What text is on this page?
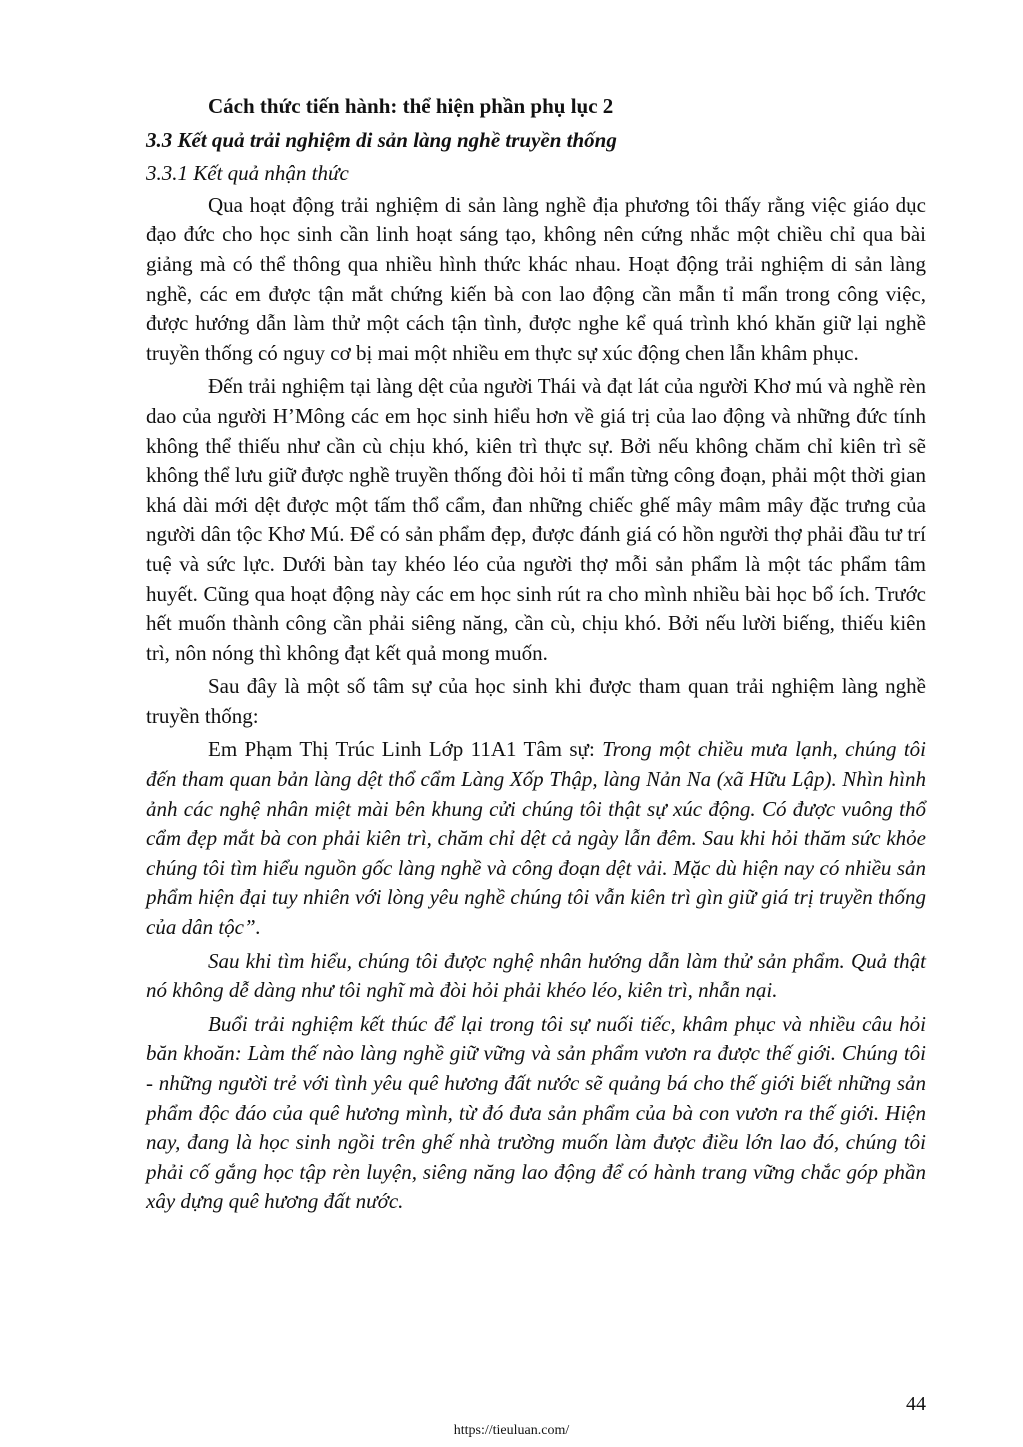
Cách thức tiến hành: thể hiện phần phụ lục 2

3.3 Kết quả trải nghiệm di sản làng nghề truyền thống

3.3.1 Kết quả nhận thức

Qua hoạt động trải nghiệm di sản làng nghề địa phương tôi thấy rằng việc giáo dục đạo đức cho học sinh cần linh hoạt sáng tạo, không nên cứng nhắc một chiều chỉ qua bài giảng mà có thể thông qua nhiều hình thức khác nhau. Hoạt động trải nghiệm di sản làng nghề, các em được tận mắt chứng kiến bà con lao động cần mẫn tỉ mẩn trong công việc, được hướng dẫn làm thử một cách tận tình, được nghe kể quá trình khó khăn giữ lại nghề truyền thống có nguy cơ bị mai một nhiều em thực sự xúc động chen lẫn khâm phục.

Đến trải nghiệm tại làng dệt của người Thái và đạt lát của người Khơ mú và nghề rèn dao của người H’Mông các em học sinh hiểu hơn về giá trị của lao động và những đức tính không thể thiếu như cần cù chịu khó, kiên trì thực sự. Bởi nếu không chăm chỉ kiên trì sẽ không thể lưu giữ được nghề truyền thống đòi hỏi tỉ mẩn từng công đoạn, phải một thời gian khá dài mới dệt được một tấm thổ cẩm, đan những chiếc ghế mây mâm mây đặc trưng của người dân tộc Khơ Mú. Để có sản phẩm đẹp, được đánh giá có hồn người thợ phải đầu tư trí tuệ và sức lực. Dưới bàn tay khéo léo của người thợ mỗi sản phẩm là một tác phẩm tâm huyết. Cũng qua hoạt động này các em học sinh rút ra cho mình nhiều bài học bổ ích. Trước hết muốn thành công cần phải siêng năng, cần cù, chịu khó. Bởi nếu lười biếng, thiếu kiên trì, nôn nóng thì không đạt kết quả mong muốn.

Sau đây là một số tâm sự của học sinh khi được tham quan trải nghiệm làng nghề truyền thống:

Em Phạm Thị Trúc Linh Lớp 11A1 Tâm sự: Trong một chiều mưa lạnh, chúng tôi đến tham quan bản làng dệt thổ cẩm Làng Xốp Thập, làng Nản Na (xã Hữu Lập). Nhìn hình ảnh các nghệ nhân miệt mài bên khung cửi chúng tôi thật sự xúc động. Có được vuông thổ cẩm đẹp mắt bà con phải kiên trì, chăm chỉ dệt cả ngày lẫn đêm. Sau khi hỏi thăm sức khỏe chúng tôi tìm hiểu nguồn gốc làng nghề và công đoạn dệt vải. Mặc dù hiện nay có nhiều sản phẩm hiện đại tuy nhiên với lòng yêu nghề chúng tôi vẫn kiên trì gìn giữ giá trị truyền thống của dân tộc”.

Sau khi tìm hiểu, chúng tôi được nghệ nhân hướng dẫn làm thử sản phẩm. Quả thật nó không dễ dàng như tôi nghĩ mà đòi hỏi phải khéo léo, kiên trì, nhẫn nại.

Buổi trải nghiệm kết thúc để lại trong tôi sự nuối tiếc, khâm phục và nhiều câu hỏi băn khoăn: Làm thế nào làng nghề giữ vững và sản phẩm vươn ra được thế giới. Chúng tôi - những người trẻ với tình yêu quê hương đất nước sẽ quảng bá cho thế giới biết những sản phẩm độc đáo của quê hương mình, từ đó đưa sản phẩm của bà con vươn ra thế giới. Hiện nay, đang là học sinh ngồi trên ghế nhà trường muốn làm được điều lớn lao đó, chúng tôi phải cố gắng học tập rèn luyện, siêng năng lao động để có hành trang vững chắc góp phần xây dựng quê hương đất nước.

44
https://tieuluan.com/
